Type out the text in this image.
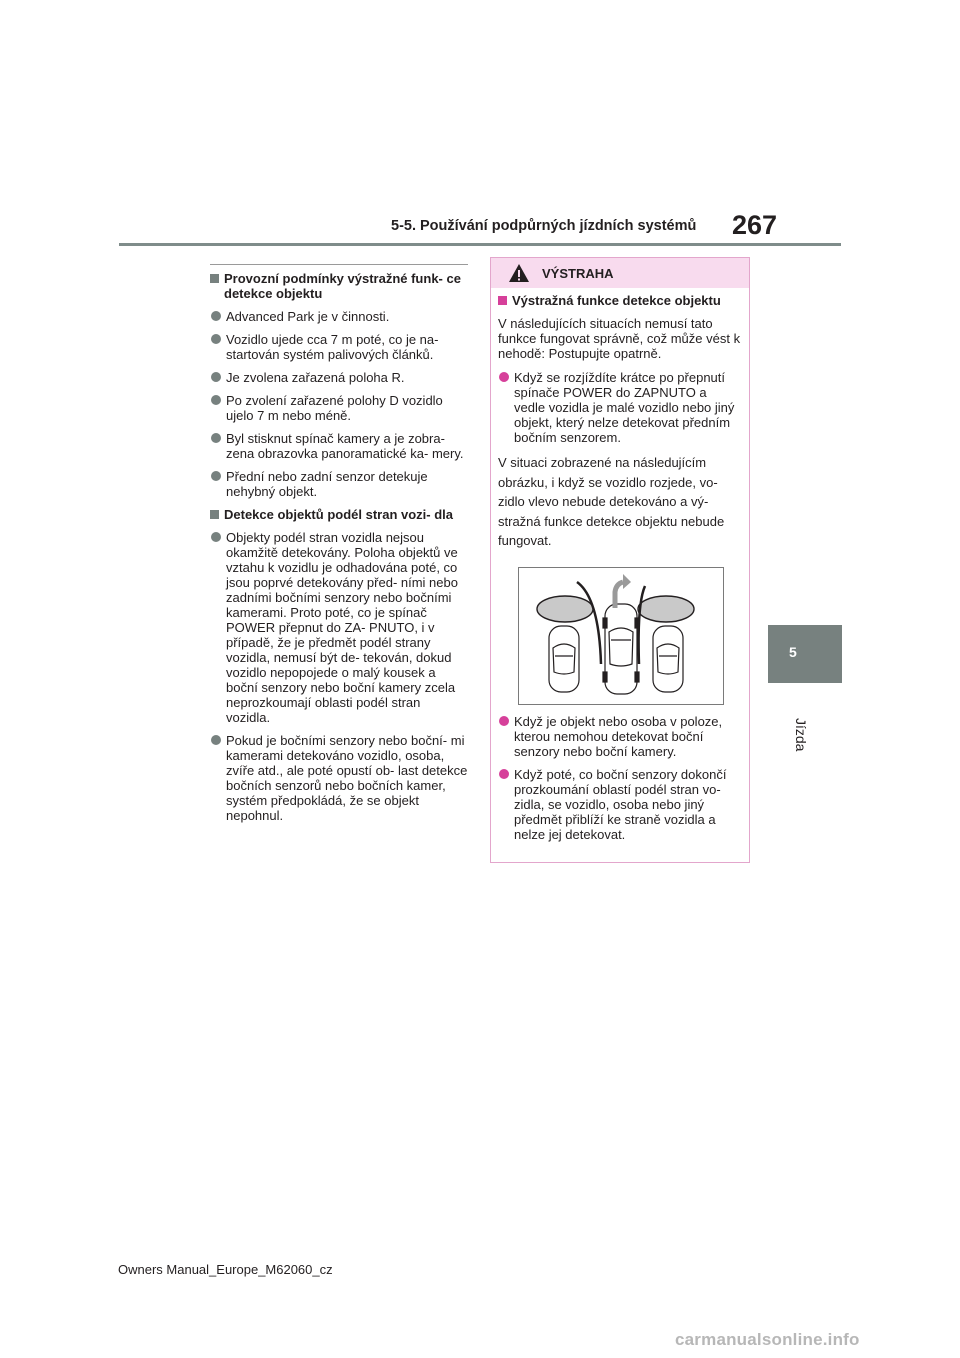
5-5. Používání podpůrných jízdních systémů 267
5
Jízda
Provozní podmínky výstražné funk- ce detekce objektu
Advanced Park je v činnosti.
Vozidlo ujede cca 7 m poté, co je na- startován systém palivových článků.
Je zvolena zařazená poloha R.
Po zvolení zařazené polohy D vozidlo ujelo 7 m nebo méně.
Byl stisknut spínač kamery a je zobra- zena obrazovka panoramatické ka- mery.
Přední nebo zadní senzor detekuje nehybný objekt.
Detekce objektů podél stran vozi- dla
Objekty podél stran vozidla nejsou okamžitě detekovány. Poloha objektů ve vztahu k vozidlu je odhadována poté, co jsou poprvé detekovány před- ními nebo zadními bočními senzory nebo bočními kamerami. Proto poté, co je spínač POWER přepnut do ZA- PNUTO, i v případě, že je předmět podél strany vozidla, nemusí být de- tekován, dokud vozidlo nepopojede o malý kousek a boční senzory nebo boční kamery zcela neprozkoumají oblasti podél stran vozidla.
Pokud je bočními senzory nebo boční- mi kamerami detekováno vozidlo, osoba, zvíře atd., ale poté opustí ob- last detekce bočních senzorů nebo bočních kamer, systém předpokládá, že se objekt nepohnul.
VÝSTRAHA
Výstražná funkce detekce objektu

V následujících situacích nemusí tato funkce fungovat správně, což může vést k nehodě: Postupujte opatrně.

Když se rozjíždíte krátce po přepnutí spínače POWER do ZAPNUTO a vedle vozidla je malé vozidlo nebo jiný objekt, který nelze detekovat předním bočním senzorem.

V situaci zobrazené na následujícím obrázku, i když se vozidlo rozjede, vo- zidlo vlevo nebude detekováno a vý- stražná funkce detekce objektu nebude fungovat.

Když je objekt nebo osoba v poloze, kterou nemohou detekovat boční senzory nebo boční kamery.
Když poté, co boční senzory dokončí prozkoumání oblastí podél stran vo- zidla, se vozidlo, osoba nebo jiný předmět přiblíží ke straně vozidla a nelze jej detekovat.
Owners Manual_Europe_M62060_cz
carmanualsonline.info
